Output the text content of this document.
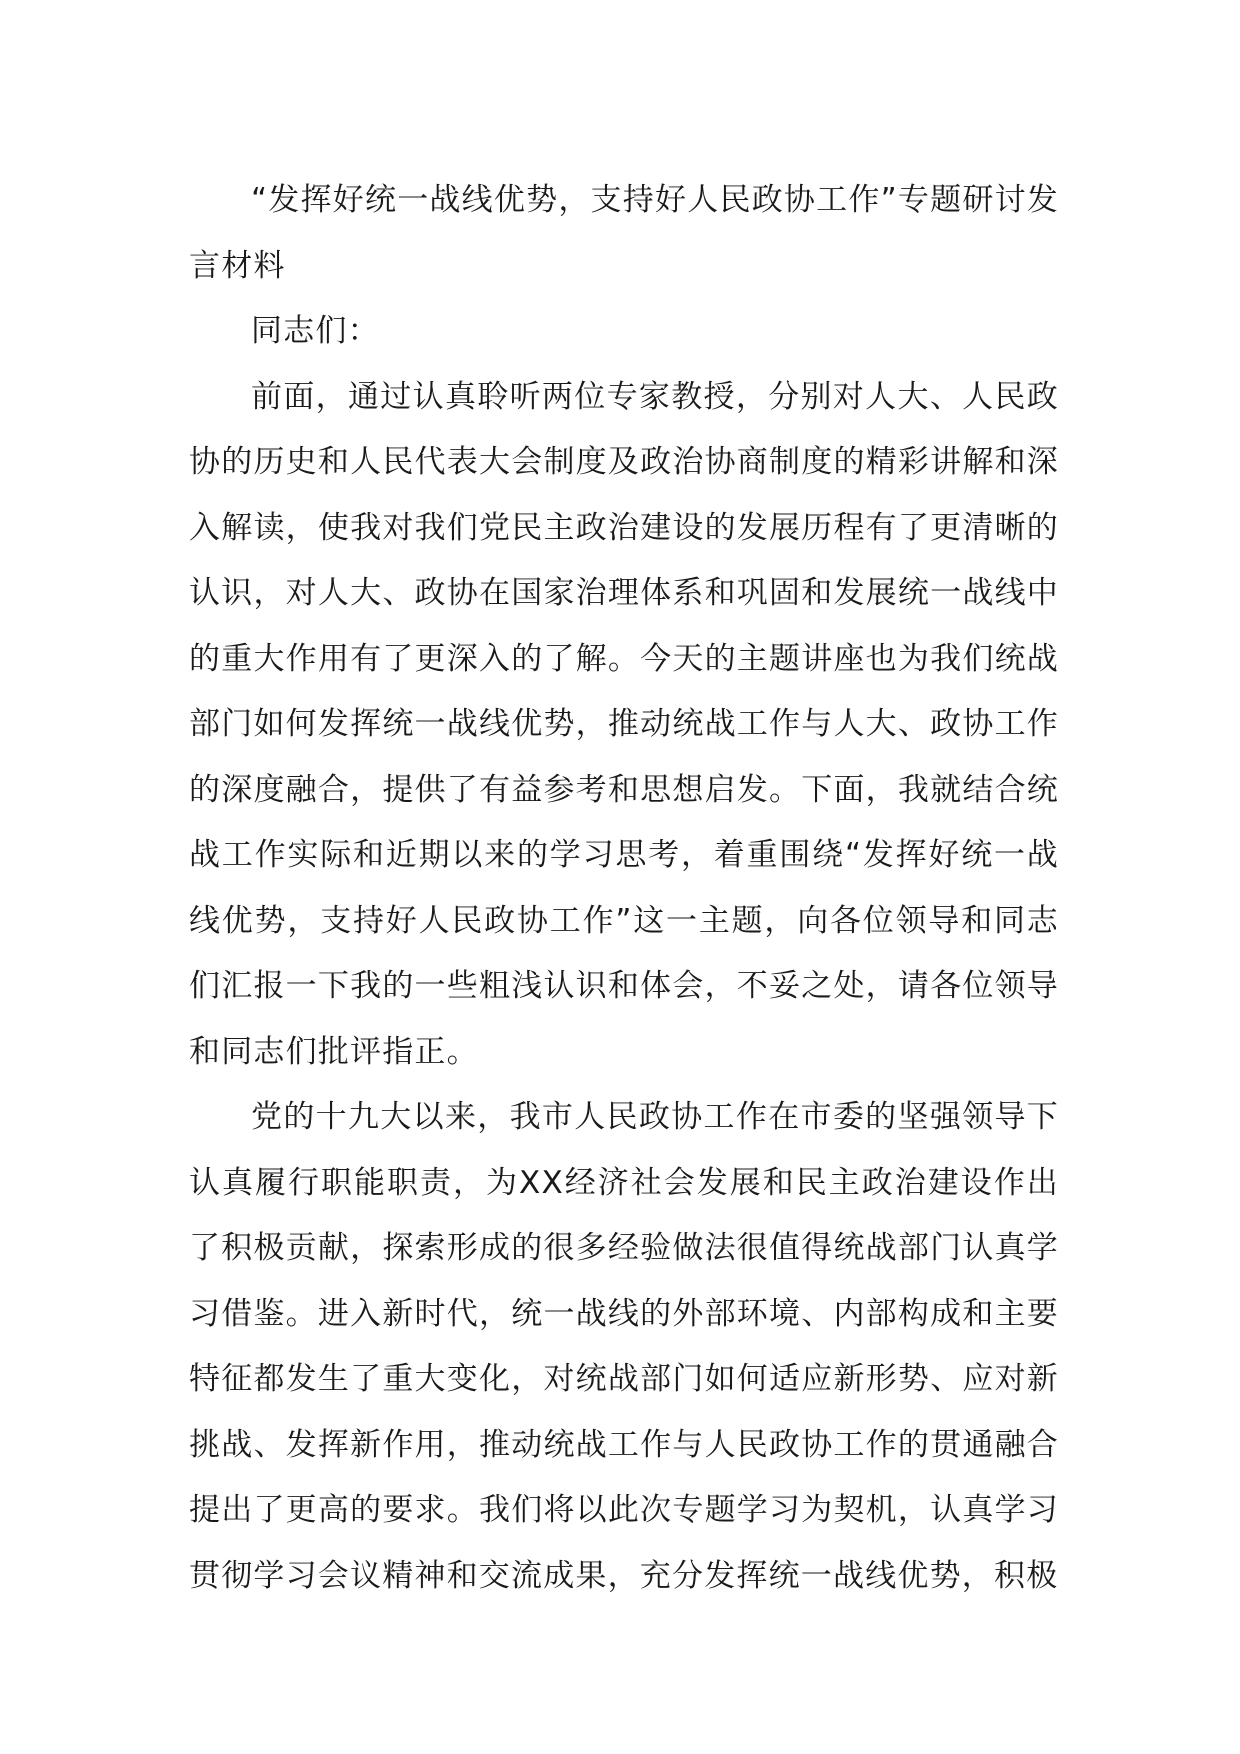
“发挥好统一战线优势，支持好人民政协工作”专题研讨发言材料

同志们：

前面，通过认真聆听两位专家教授，分别对人大、人民政协的历史和人民代表大会制度及政治协商制度的精彩讲解和深入解读，使我对我们党民主政治建设的发展历程有了更清晰的认识，对人大、政协在国家治理体系和巩固和发展统一战线中的重大作用有了更深入的了解。今天的主题讲座也为我们统战部门如何发挥统一战线优势，推动统战工作与人大、政协工作的深度融合，提供了有益参考和思想启发。下面，我就结合统战工作实际和近期以来的学习思考，着重围绕“发挥好统一战线优势，支持好人民政协工作”这一主题，向各位领导和同志们汇报一下我的一些粗浅认识和体会，不妥之处，请各位领导和同志们批评指正。

党的十九大以来，我市人民政协工作在市委的坚强领导下认真履行职能职责，为XX经济社会发展和民主政治建设作出了积极贡献，探索形成的很多经验做法很值得统战部门认真学习借鉴。进入新时代，统一战线的外部环境、内部构成和主要特征都发生了重大变化，对统战部门如何适应新形势、应对新挑战、发挥新作用，推动统战工作与人民政协工作的贯通融合提出了更高的要求。我们将以此次专题学习为契机，认真学习贯彻学习会议精神和交流成果，充分发挥统一战线优势，积极
